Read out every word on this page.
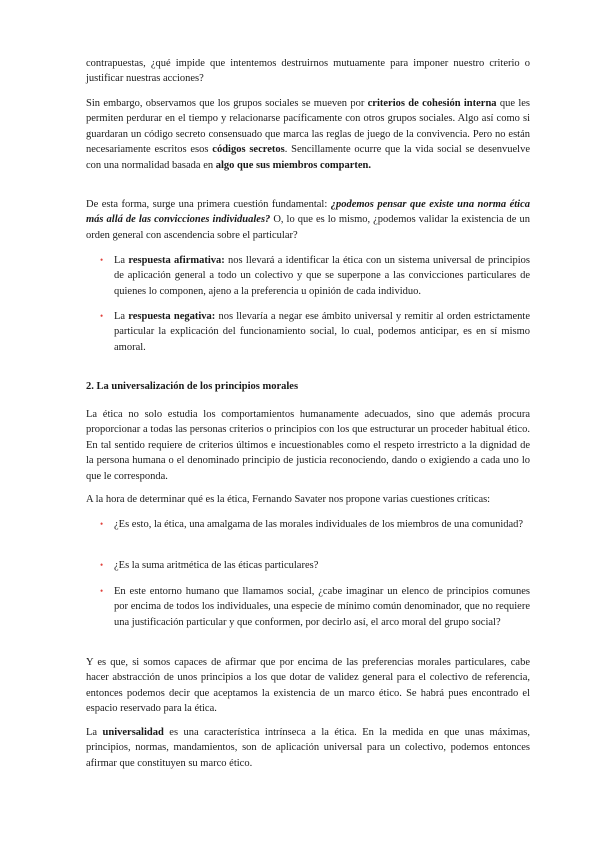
contrapuestas, ¿qué impide que intentemos destruirnos mutuamente para imponer nuestro criterio o justificar nuestras acciones?

Sin embargo, observamos que los grupos sociales se mueven por criterios de cohesión interna que les permiten perdurar en el tiempo y relacionarse pacíficamente con otros grupos sociales. Algo así como si guardaran un código secreto consensuado que marca las reglas de juego de la convivencia. Pero no están necesariamente escritos esos códigos secretos. Sencillamente ocurre que la vida social se desenvuelve con una normalidad basada en algo que sus miembros comparten.

De esta forma, surge una primera cuestión fundamental: ¿podemos pensar que existe una norma ética más allá de las convicciones individuales? O, lo que es lo mismo, ¿podemos validar la existencia de un orden general con ascendencia sobre el particular?

• La respuesta afirmativa: nos llevará a identificar la ética con un sistema universal de principios de aplicación general a todo un colectivo y que se superpone a las convicciones particulares de quienes lo componen, ajeno a la preferencia u opinión de cada individuo.
• La respuesta negativa: nos llevaría a negar ese ámbito universal y remitir al orden estrictamente particular la explicación del funcionamiento social, lo cual, podemos anticipar, es en sí mismo amoral.
2. La universalización de los principios morales

La ética no solo estudia los comportamientos humanamente adecuados, sino que además procura proporcionar a todas las personas criterios o principios con los que estructurar un proceder habitual ético. En tal sentido requiere de criterios últimos e incuestionables como el respeto irrestricto a la dignidad de la persona humana o el denominado principio de justicia reconociendo, dando o exigiendo a cada uno lo que le corresponda.

A la hora de determinar qué es la ética, Fernando Savater nos propone varias cuestiones críticas:

• ¿Es esto, la ética, una amalgama de las morales individuales de los miembros de una comunidad?
• ¿Es la suma aritmética de las éticas particulares?
• En este entorno humano que llamamos social, ¿cabe imaginar un elenco de principios comunes por encima de todos los individuales, una especie de mínimo común denominador, que no requiere una justificación particular y que conformen, por decirlo así, el arco moral del grupo social?

Y es que, si somos capaces de afirmar que por encima de las preferencias morales particulares, cabe hacer abstracción de unos principios a los que dotar de validez general para el colectivo de referencia, entonces podemos decir que aceptamos la existencia de un marco ético. Se habrá pues encontrado el espacio reservado para la ética.

La universalidad es una característica intrínseca a la ética. En la medida en que unas máximas, principios, normas, mandamientos, son de aplicación universal para un colectivo, podemos entonces afirmar que constituyen su marco ético.
